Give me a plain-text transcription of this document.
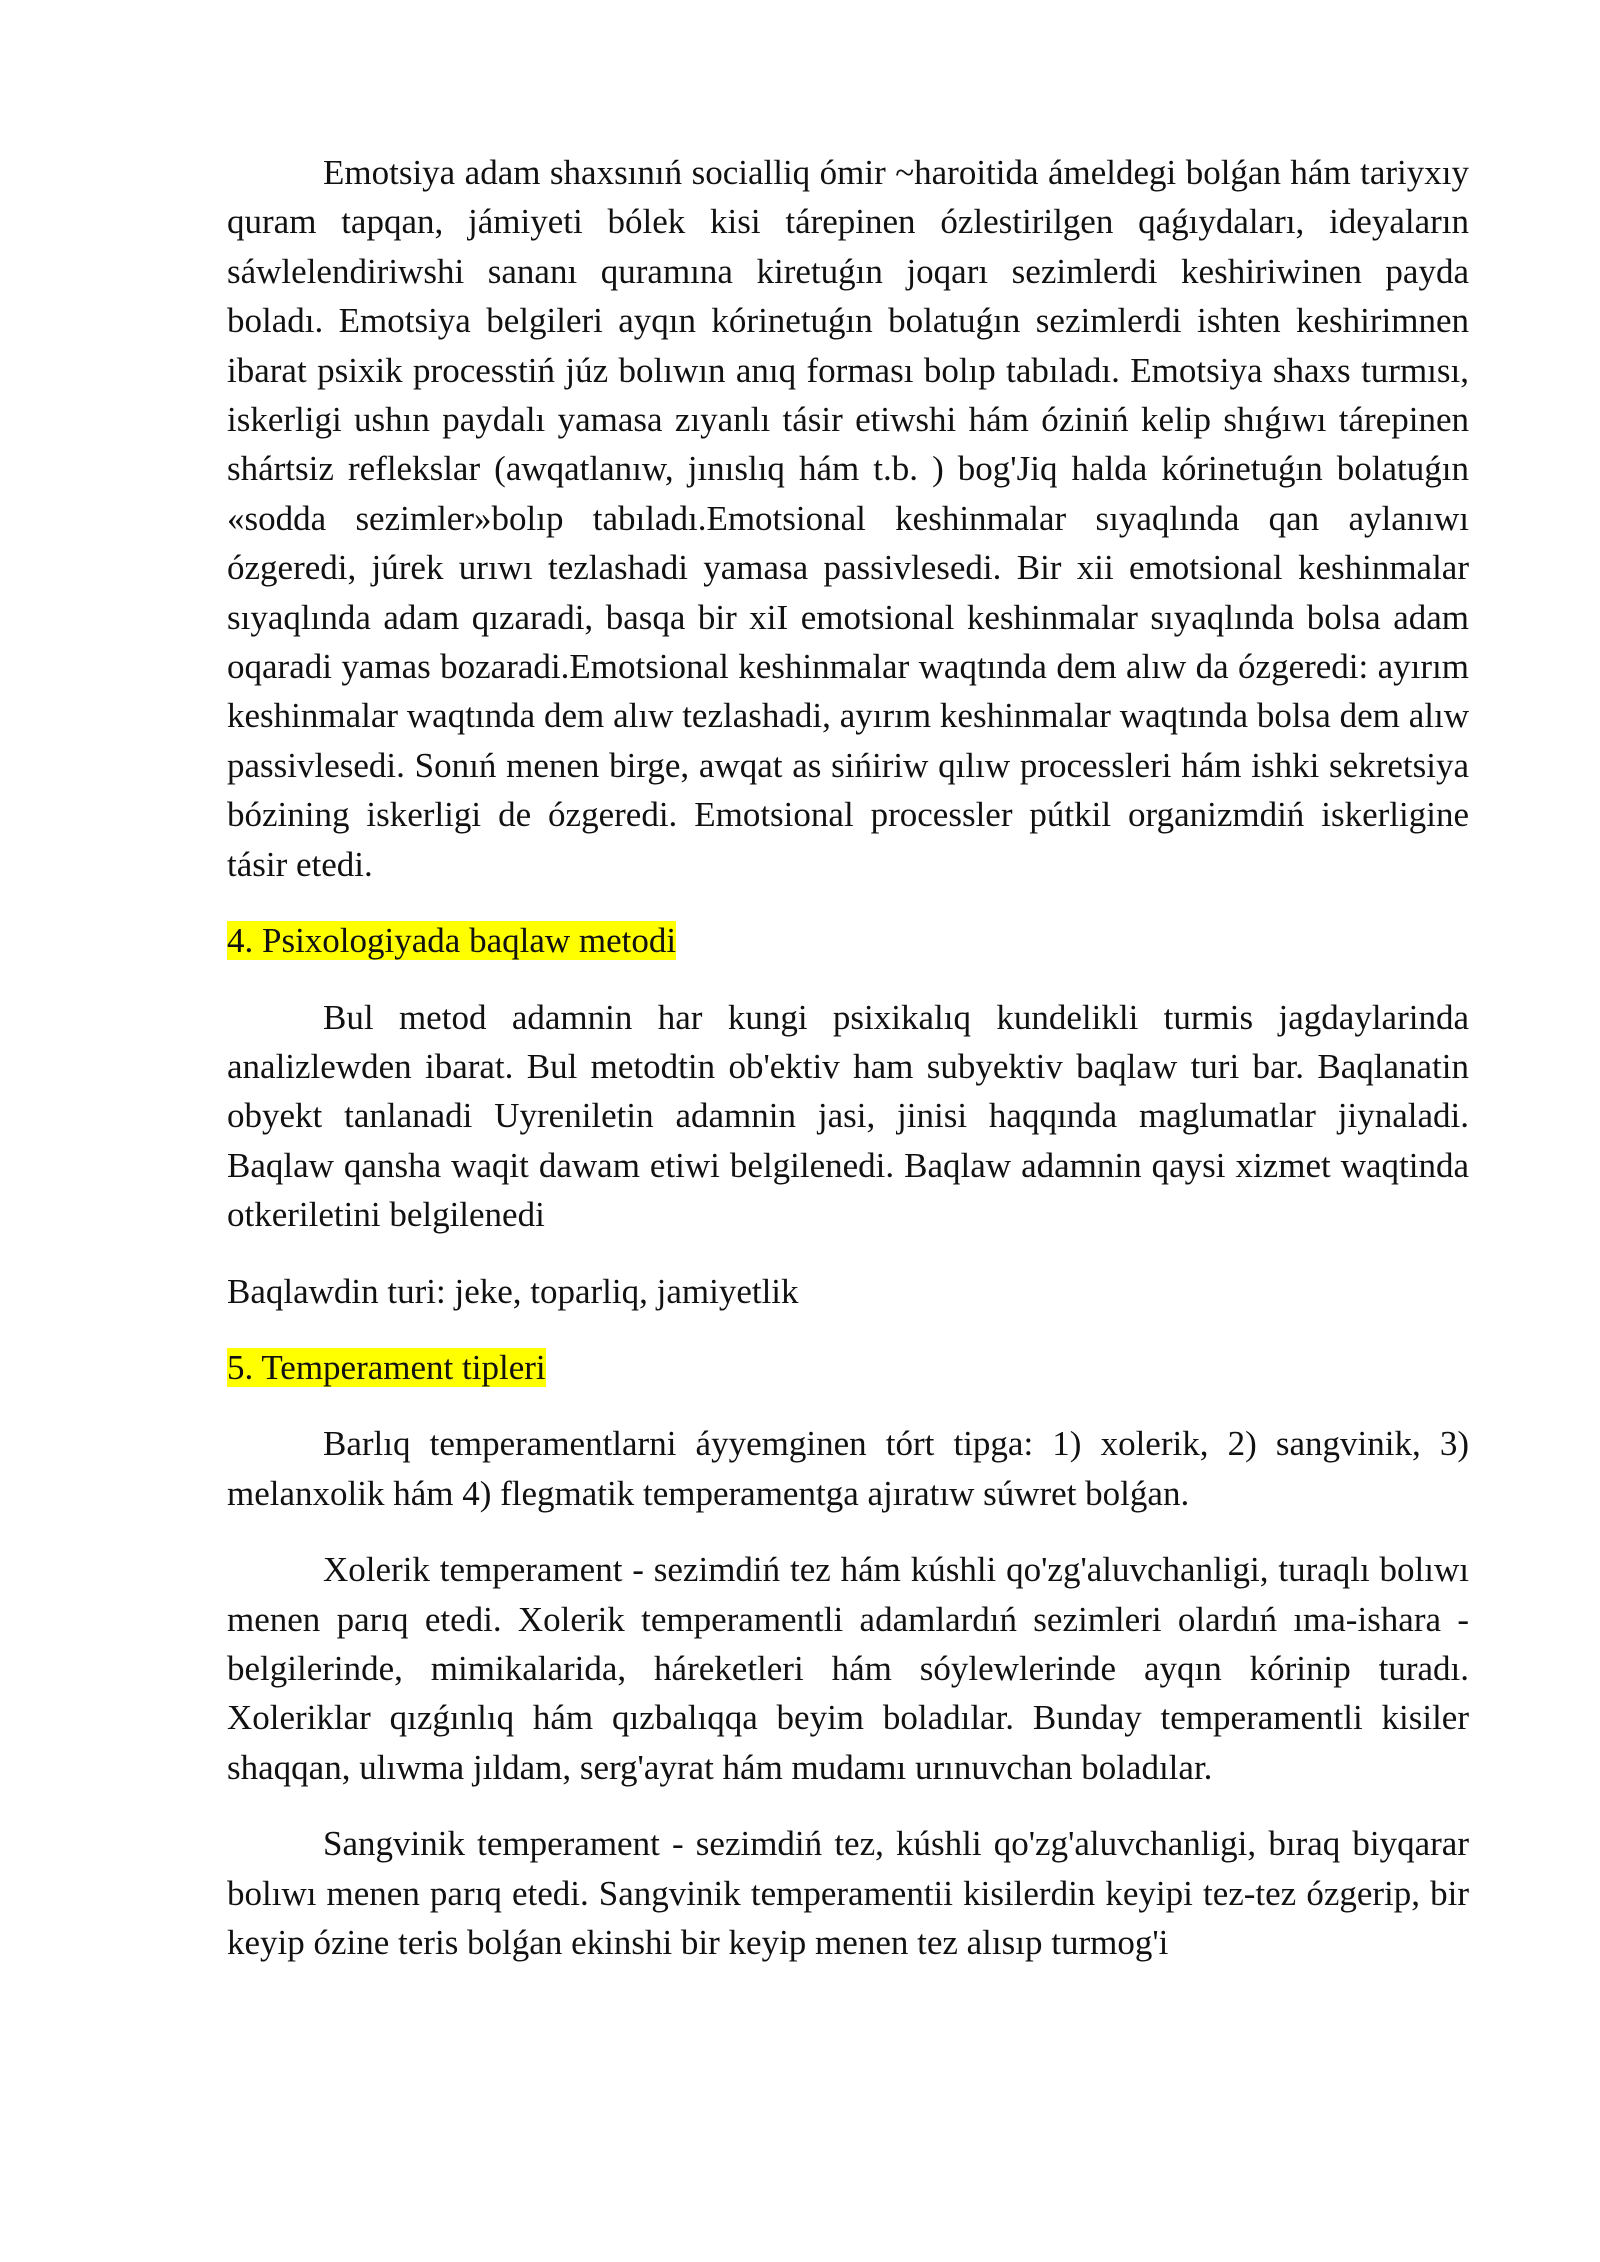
Emotsiya adam shaxsınıń socialliq ómir ~haroitida ámeldegi bolǵan hám tariyxıy quram tapqan, jámiyeti bólek kisi tárepinen ózlestirilgen qaǵıydaları, ideyaların sáwlelendiriwshi sananı quramına kiretuǵın joqarı sezimlerdi keshiriwinen payda boladı. Emotsiya belgileri ayqın kórinetuǵın bolatuǵın sezimlerdi ishten keshirimnen ibarat psixik processtiń júz bolıwın anıq forması bolıp tabıladı. Emotsiya shaxs turmısı, iskerligi ushın paydalı yamasa zıyanlı tásir etiwshi hám óziniń kelip shıǵıwı tárepinen shártsiz reflekslar (awqatlanıw, jınıslıq hám t.b. ) bog'Jiq halda kórinetuǵın bolatuǵın «sodda sezimler»bolıp tabıladı.Emotsional keshinmalar sıyaqlında qan aylanıwı ózgeredi, júrek urıwı tezlashadi yamasa passivlesedi. Bir xii emotsional keshinmalar sıyaqlında adam qızaradi, basqa bir xiI emotsional keshinmalar sıyaqlında bolsa adam oqaradi yamas bozaradi.Emotsional keshinmalar waqtında dem alıw da ózgeredi: ayırım keshinmalar waqtında dem alıw tezlashadi, ayırım keshinmalar waqtında bolsa dem alıw passivlesedi. Sonıń menen birge, awqat as sińiriw qılıw processleri hám ishki sekretsiya bózining iskerligi de ózgeredi. Emotsional processler pútkil organizmdiń iskerligine tásir etedi.

4. Psixologiyada baqlaw metodi

Bul metod adamnin har kungi psixikalıq kundelikli turmis jagdaylarinda analizlewden ibarat. Bul metodtin ob'ektiv ham subyektiv baqlaw turi bar. Baqlanatin obyekt tanlanadi Uyreniletin adamnin jasi, jinisi haqqında maglumatlar jiynaladi. Baqlaw qansha waqit dawam etiwi belgilenedi. Baqlaw adamnin qaysi xizmet waqtinda otkeriletini belgilenedi

Baqlawdin turi: jeke, toparliq, jamiyetlik

5. Temperament tipleri

Barlıq temperamentlarni áyyemginen tórt tipga: 1) xolerik, 2) sangvinik, 3) melanxolik hám 4) flegmatik temperamentga ajıratıw súwret bolǵan.

Xolerik temperament - sezimdiń tez hám kúshli qo'zg'aluvchanligi, turaqlı bolıwı menen parıq etedi. Xolerik temperamentli adamlardıń sezimleri olardıń ıma-ishara -belgilerinde, mimikalarida, háreketleri hám sóylewlerinde ayqın kórinip turadı. Xoleriklar qızǵınlıq hám qızbalıqqa beyim boladılar. Bunday temperamentli kisiler shaqqan, ulıwma jıldam, serg'ayrat hám mudamı urınuvchan boladılar.

Sangvinik temperament - sezimdiń tez, kúshli qo'zg'aluvchanligi, bıraq biyqarar bolıwı menen parıq etedi. Sangvinik temperamentii kisilerdin keyipi tez-tez ózgerip, bir keyip ózine teris bolǵan ekinshi bir keyip menen tez alısıp turmog'i
